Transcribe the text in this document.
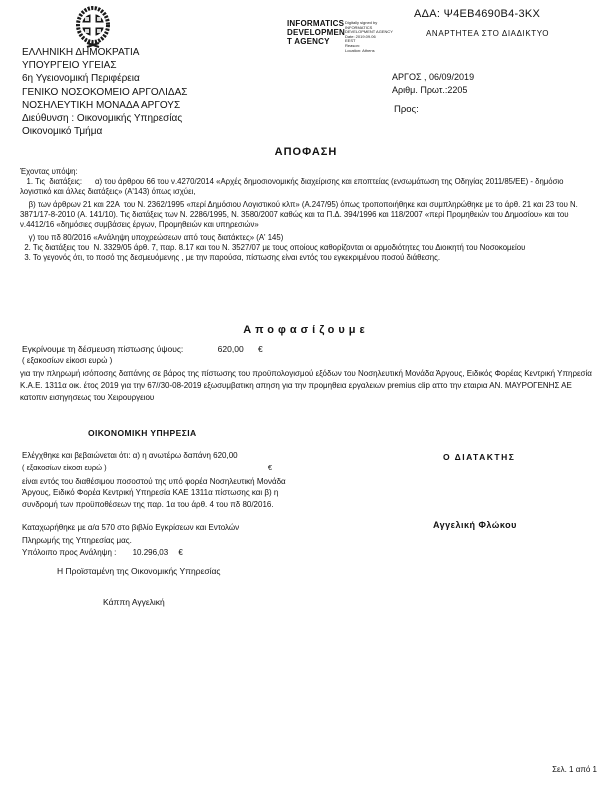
ΕΛΛΗΝΙΚΗ ΔΗΜΟΚΡΑΤΙΑ
ΥΠΟΥΡΓΕΙΟ ΥΓΕΙΑΣ
6η Υγειονομική Περιφέρεια
ΓΕΝΙΚΟ ΝΟΣΟΚΟΜΕΙΟ ΑΡΓΟΛΙΔΑΣ
ΝΟΣΗΛΕΥΤΙΚΗ ΜΟΝΑΔΑ ΑΡΓΟΥΣ
Διεύθυνση : Οικονομικής Υπηρεσίας
Οικονομικό Τμήμα
ΑΔΑ: Ψ4ΕΒ4690Β4-3ΚΧ
INFORMATICS
DEVELOPMEN
T AGENCY
Digitally signed by
INFORMATICS
DEVELOPMENT AGENCY
Date: 2019.09.06
EEST
Reason:
Location: Athens
ΑΝΑΡΤΗΤΕΑ ΣΤΟ ΔΙΑΔΙΚΤΥΟ
ΑΡΓΟΣ , 06/09/2019
Αριθμ. Πρωτ.:2205
Προς:
ΑΠΟΦΑΣΗ
Έχοντας υπόψη:
1. Τις  διατάξεις:      α) του άρθρου 66 του ν.4270/2014 «Αρχές δημοσιονομικής διαχείρισης και εποπτείας (ενσωμάτωση της Οδηγίας 2011/85/ΕΕ) - δημόσιο λογιστικό και άλλες διατάξεις» (Α'143) όπως ισχύει,
β) των άρθρων 21 και 22Α  του Ν. 2362/1995 «περί Δημόσιου Λογιστικού κλπ» (Α.247/95) όπως τροποποιήθηκε και συμπληρώθηκε με το άρθ. 21 και 23 του Ν. 3871/17-8-2010 (Α. 141/10). Τις διατάξεις των Ν. 2286/1995, Ν. 3580/2007 καθώς και τα Π.Δ. 394/1996 και 118/2007 «περί Προμηθειών του Δημοσίου» και του ν.4412/16 «δημόσιες συμβάσεις έργων, Προμηθειών και υπηρεσιών»
γ) του πδ 80/2016 «Ανάληψη υποχρεώσεων από τους διατάκτες» (Α' 145)
2. Τις διατάξεις του  Ν. 3329/05 άρθ. 7, παρ. 8.17 και του Ν. 3527/07 με τους οποίους καθορίζονται οι αρμοδιότητες του Διοικητή του Νοσοκομείου
3. Το γεγονός ότι, το ποσό της δεσμευόμενης , με την παρούσα, πίστωσης είναι εντός του εγκεκριμένου ποσού διάθεσης.
Αποφασίζουμε
Εγκρίνουμε τη δέσμευση πίστωσης ύψους:	620,00 €
( εξακοσίων είκοσι ευρώ )
για την πληρωμή ισόποσης δαπάνης σε βάρος της πίστωσης του προϋπολογισμού εξόδων του Νοσηλευτική Μονάδα Άργους, Ειδικός Φορέας Κεντρική Υπηρεσία Κ.Α.Ε. 1311α οικ. έτος 2019 για την 67//30-08-2019 εξωσυμβατικη απηση για την προμηθεια εργαλειων premius clip αττο την εταιρια ΑΝ. ΜΑΥΡΟΓΕΝΗΣ ΑΕ κατοπιν εισηγησεως του Χειρουργειου
ΟΙΚΟΝΟΜΙΚΗ ΥΠΗΡΕΣΙΑ
Ελέγχθηκε και βεβαιώνεται ότι: α) η ανωτέρω δαπάνη 620,00
( εξακοσίων είκοσι ευρώ )	€
είναι εντός του διαθέσιμου ποσοστού της υπό φορέα Νοσηλευτική Μονάδα Άργους, Ειδικό Φορέα Κεντρική Υπηρεσία ΚΑΕ 1311α πίστωσης και β) η συνδρομή των προϋποθέσεων της παρ. 1α του άρθ. 4 του πδ 80/2016.
Καταχωρήθηκε με α/α 570 στο βιβλίο Εγκρίσεων και Εντολών Πληρωμής της Υπηρεσίας μας.
Υπόλοιπο προς Ανάληψη : 10.296,03 €
Ο ΔΙΑΤΑΚΤΗΣ
Αγγελική Φλώκου
Η Προϊσταμένη της Οικονομικής Υπηρεσίας
Κάππη Αγγελική
Σελ. 1 από 1
